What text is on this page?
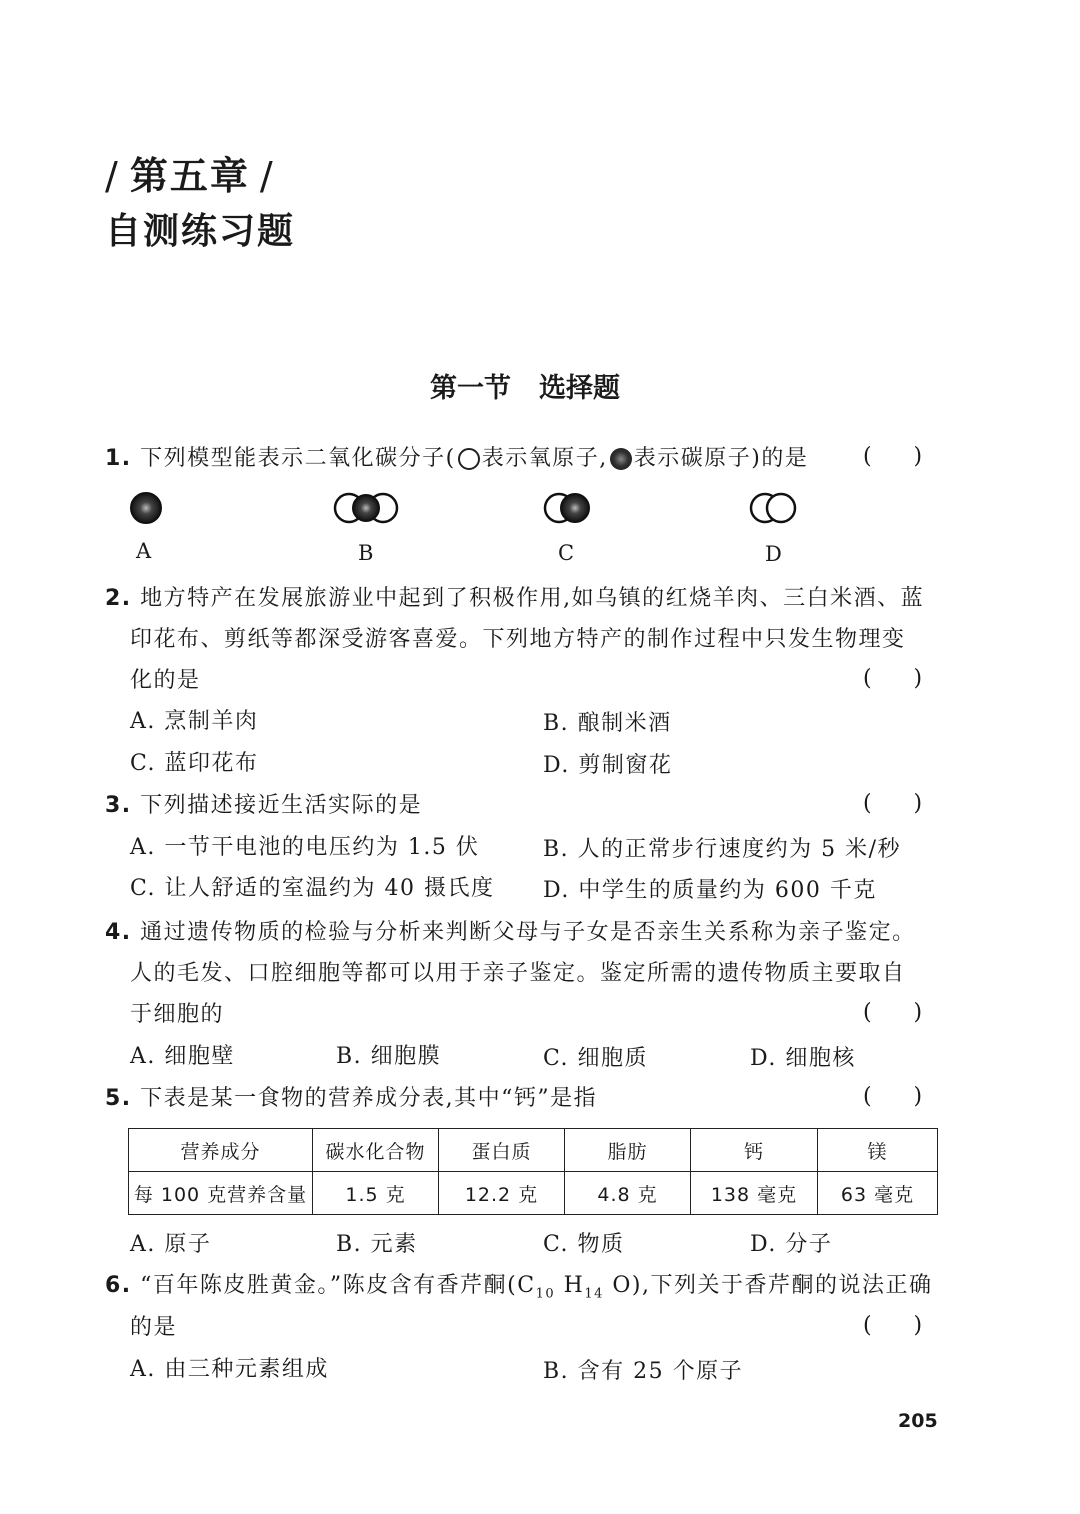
/ 第五章 /
自测练习题
第一节 选择题
1. 下列模型能表示二氧化碳分子( 表示氧原子, 表示碳原子)的是 (      )
A	B	C	D
2. 地方特产在发展旅游业中起到了积极作用,如乌镇的红烧羊肉、三白米酒、蓝
印花布、剪纸等都深受游客喜爱。下列地方特产的制作过程中只发生物理变
化的是	(      )
A. 烹制羊肉	B. 酿制米酒
C. 蓝印花布	D. 剪制窗花
3. 下列描述接近生活实际的是	(      )
A. 一节干电池的电压约为 1.5 伏	B. 人的正常步行速度约为 5 米/秒
C. 让人舒适的室温约为 40 摄氏度 D. 中学生的质量约为 600 千克
4. 通过遗传物质的检验与分析来判断父母与子女是否亲生关系称为亲子鉴定。
人的毛发、口腔细胞等都可以用于亲子鉴定。鉴定所需的遗传物质主要取自
于细胞的	(      )
A. 细胞壁	B. 细胞膜	C. 细胞质	D. 细胞核
5. 下表是某一食物的营养成分表,其中“钙”是指	(      )
营养成分	碳水化合物	蛋白质	脂肪	钙	镁
每 100 克营养含量	1.5 克	12.2 克	4.8 克	138 毫克	63 毫克
A. 原子	B. 元素	C. 物质	D. 分子
6. “百年陈皮胜黄金。”陈皮含有香芹酮($C_{10}$ $H_{14}$ O),下列关于香芹酮的说法正确
的是	(      )
A. 由三种元素组成	B. 含有 25 个原子
205
